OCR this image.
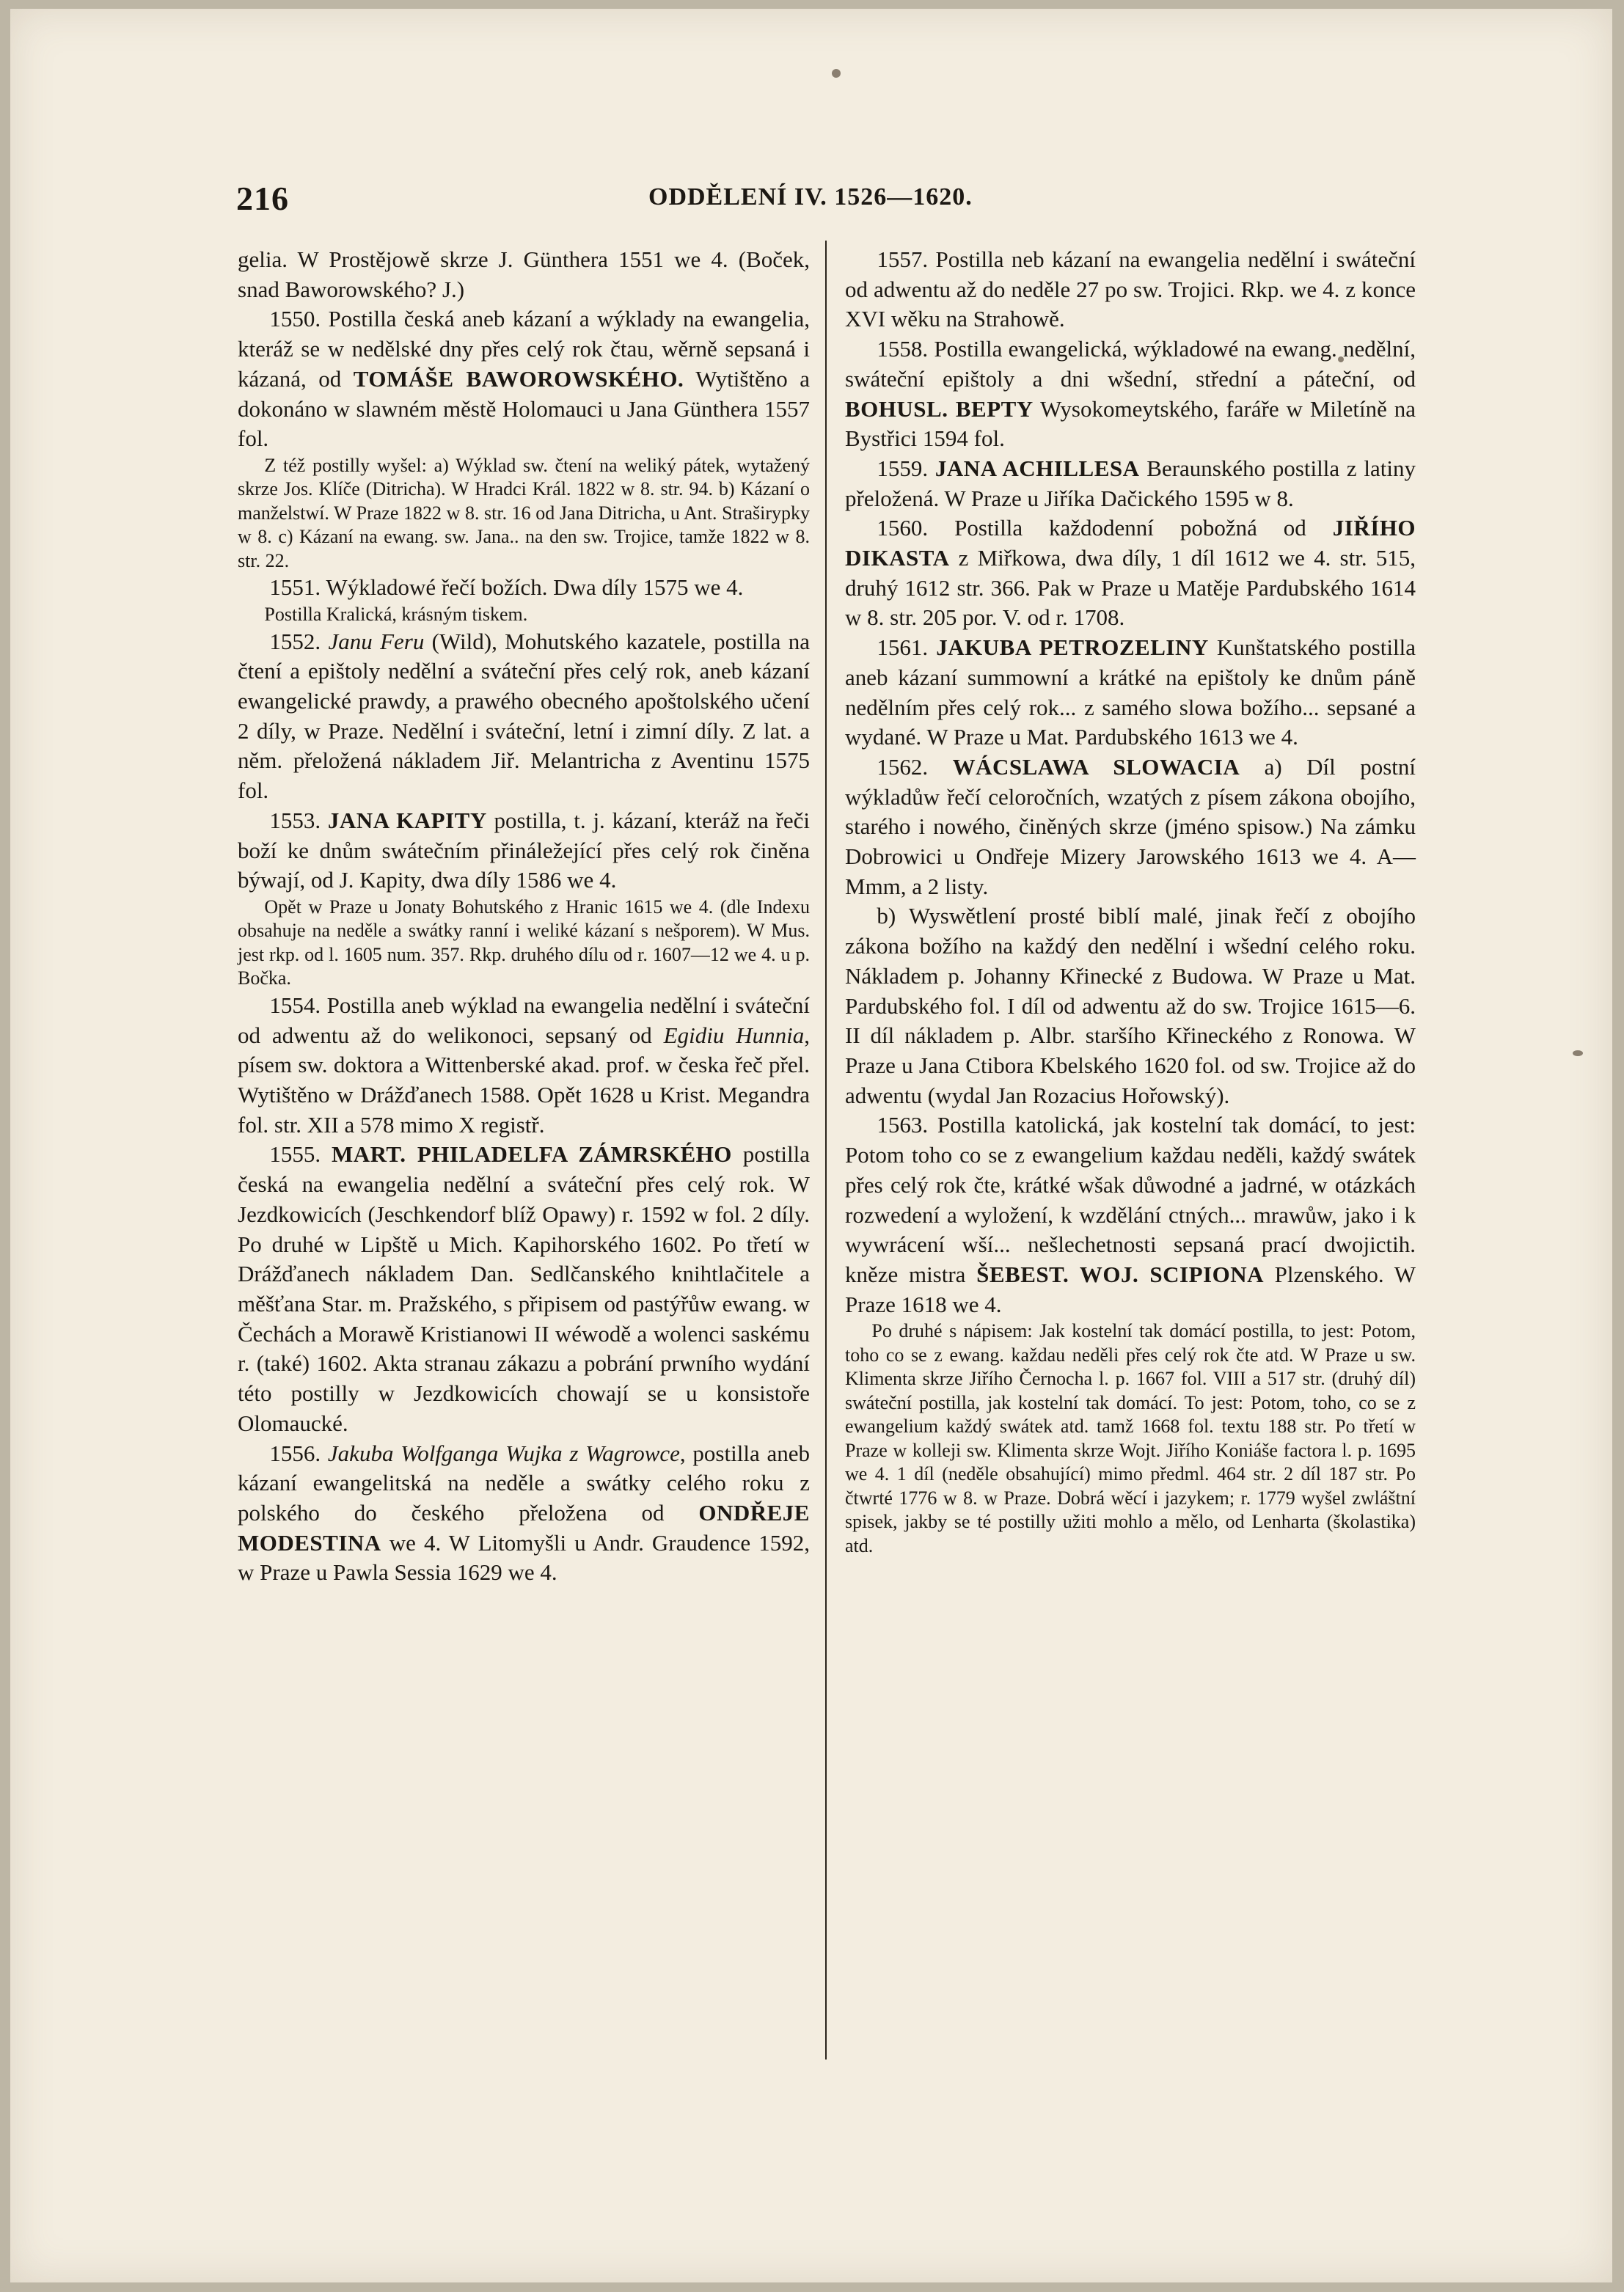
216	ODDĚLENÍ IV. 1526—1620.

gelia. W Prostějowě skrze J. Günthera 1551 we 4. (Boček, snad Baworowského? J.)

1550. Postilla česká aneb kázaní a wýklady na ewangelia, kteráž se w nedělské dny přes celý rok čtau, wěrně sepsaná i kázaná, od TOMÁŠE BAWOROWSKÉHO. Wytištěno a dokonáno w slawném městě Holomauci u Jana Günthera 1557 fol.

Z též postilly wyšel: a) Wýklad sw. čtení na weliký pátek, wytažený skrze Jos. Klíče (Ditricha). W Hradci Král. 1822 w 8. str. 94. b) Kázaní o manželstwí. W Praze 1822 w 8. str. 16 od Jana Ditricha, u Ant. Straširypky w 8. c) Kázaní na ewang. sw. Jana.. na den sw. Trojice, tamže 1822 w 8. str. 22.

1551. Wýkladowé řečí božích. Dwa díly 1575 we 4.

Postilla Kralická, krásným tiskem.

1552. Janu Feru (Wild), Mohutského kazatele, postilla na čtení a epištoly nedělní a sváteční přes celý rok, aneb kázaní ewangelické prawdy, a prawého obecného apoštolského učení 2 díly, w Praze. Nedělní i sváteční, letní i zimní díly. Z lat. a něm. přeložená nákladem Jiř. Melantricha z Aventinu 1575 fol.

1553. JANA KAPITY postilla, t. j. kázaní, kteráž na řeči boží ke dnům swátečním přináležející přes celý rok činěna býwají, od J. Kapity, dwa díly 1586 we 4.

Opět w Praze u Jonaty Bohutského z Hranic 1615 we 4. (dle Indexu obsahuje na neděle a swátky ranní i weliké kázaní s nešporem). W Mus. jest rkp. od l. 1605 num. 357. Rkp. druhého dílu od r. 1607—12 we 4. u p. Bočka.

1554. Postilla aneb wýklad na ewangelia nedělní i sváteční od adwentu až do welikonoci, sepsaný od Egidiu Hunnia, písem sw. doktora a Wittenberské akad. prof. w česka řeč přel. Wytištěno w Drážďanech 1588. Opět 1628 u Krist. Megandra fol. str. XII a 578 mimo X registř.

1555. MART. PHILADELFA ZÁMRSKÉHO postilla česká na ewangelia nedělní a sváteční přes celý rok. W Jezdkowicích (Jeschkendorf blíž Opawy) r. 1592 w fol. 2 díly. Po druhé w Lipště u Mich. Kapihorského 1602. Po třetí w Drážďanech nákladem Dan. Sedlčanského knihtlačitele a měšťana Star. m. Pražského, s připisem od pastýřůw ewang. w Čechách a Morawě Kristianowi II wéwodě a wolenci saskému r. (také) 1602. Akta stranau zákazu a pobrání prwního wydání této postilly w Jezdkowicích chowají se u konsistoře Olomaucké.

1556. Jakuba Wolfganga Wujka z Wagrowce, postilla aneb kázaní ewangelitská na neděle a swátky celého roku z polského do českého přeložena od ONDŘEJE MODESTINA we 4. W Litomyšli u Andr. Graudence 1592, w Praze u Pawla Sessia 1629 we 4.

1557. Postilla neb kázaní na ewangelia nedělní i swáteční od adwentu až do neděle 27 po sw. Trojici. Rkp. we 4. z konce XVI wěku na Strahowě.

1558. Postilla ewangelická, wýkladowé na ewang. nedělní, swáteční epištoly a dni wšední, střední a páteční, od BOHUSL. BEPTY Wysokomeytského, faráře w Miletíně na Bystřici 1594 fol.

1559. JANA ACHILLESA Beraunského postilla z latiny přeložená. W Praze u Jiříka Dačického 1595 w 8.

1560. Postilla každodenní pobožná od JIŘÍHO DIKASTA z Miřkowa, dwa díly, 1 díl 1612 we 4. str. 515, druhý 1612 str. 366. Pak w Praze u Matěje Pardubského 1614 w 8. str. 205 por. V. od r. 1708.

1561. JAKUBA PETROZELINY Kunštatského postilla aneb kázaní summowní a krátké na epištoly ke dnům páně nedělním přes celý rok... z samého slowa božího... sepsané a wydané. W Praze u Mat. Pardubského 1613 we 4.

1562. WÁCSLAWA SLOWACIA a) Díl postní wýkladůw řečí celoročních, wzatých z písem zákona obojího, starého i nowého, činěných skrze (jméno spisow.) Na zámku Dobrowici u Ondřeje Mizery Jarowského 1613 we 4. A—Mmm, a 2 listy.

b) Wyswětlení prosté biblí malé, jinak řečí z obojího zákona božího na každý den nedělní i wšední celého roku. Nákladem p. Johanny Křinecké z Budowa. W Praze u Mat. Pardubského fol. I díl od adwentu až do sw. Trojice 1615—6. II díl nákladem p. Albr. staršího Křineckého z Ronowa. W Praze u Jana Ctibora Kbelského 1620 fol. od sw. Trojice až do adwentu (wydal Jan Rozacius Hořowský).

1563. Postilla katolická, jak kostelní tak domácí, to jest: Potom toho co se z ewangelium každau neděli, každý swátek přes celý rok čte, krátké wšak důwodné a jadrné, w otázkách rozwedení a wyložení, k wzdělání ctných... mrawůw, jako i k wywrácení wší... nešlechetnosti sepsaná prací dwojictih. kněze mistra ŠEBEST. WOJ. SCIPIONA Plzenského. W Praze 1618 we 4.

Po druhé s nápisem: Jak kostelní tak domácí postilla, to jest: Potom, toho co se z ewang. každau neděli přes celý rok čte atd. W Praze u sw. Klimenta skrze Jiřího Černocha l. p. 1667 fol. VIII a 517 str. (druhý díl) swáteční postilla, jak kostelní tak domácí. To jest: Potom, toho, co se z ewangelium každý swátek atd. tamž 1668 fol. textu 188 str. Po třetí w Praze w kolleji sw. Klimenta skrze Wojt. Jiřího Koniáše factora l. p. 1695 we 4. 1 díl (neděle obsahující) mimo předml. 464 str. 2 díl 187 str. Po čtwrté 1776 w 8. w Praze. Dobrá wěcí i jazykem; r. 1779 wyšel zwláštní spisek, jakby se té postilly užiti mohlo a mělo, od Lenharta (školastika) atd.
